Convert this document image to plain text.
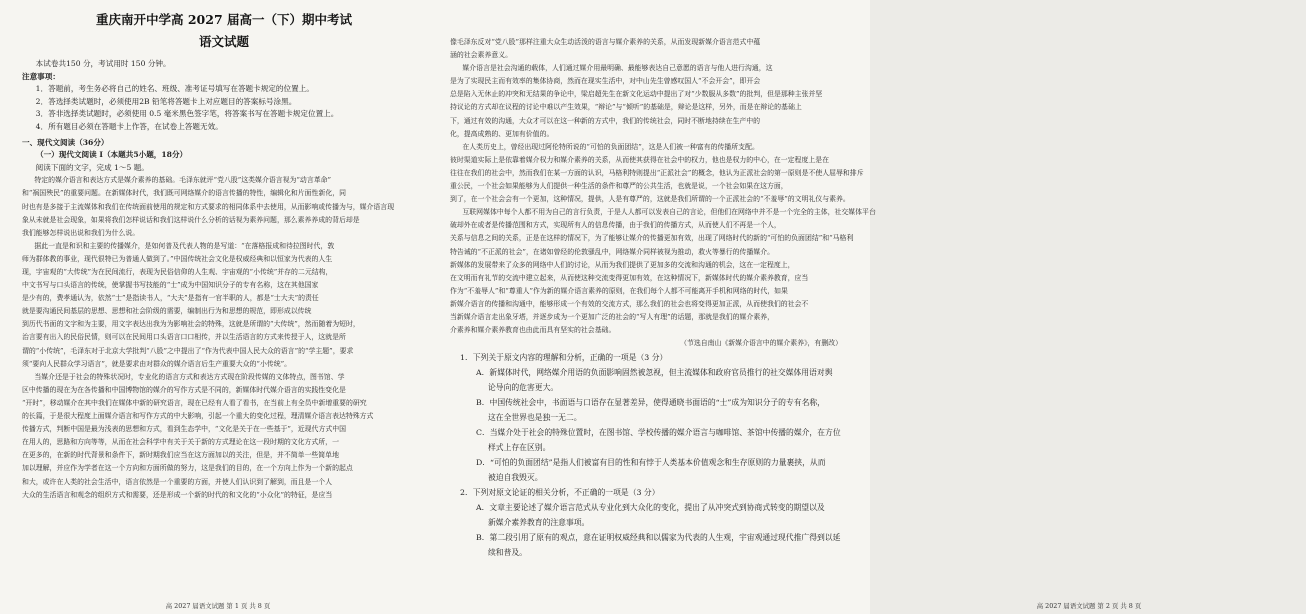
重庆南开中学高 2027 届高一（下）期中考试
语文试题
本试卷共150 分，考试用时 150 分钟。
注意事项：
1．答题前，考生务必将自己的姓名、班级、准考证号填写在答题卡规定的位置上。
2．答选择类试题时，必须使用2B 铅笔将答题卡上对应题目的答案标号涂黑。
3．答非选择类试题时，必须使用 0.5 毫米黑色签字笔，将答案书写在答题卡规定位置上。
4．所有题目必须在答题卡上作答，在试卷上答题无效。
一、现代文阅读（36分）
（一）现代文阅读 I（本题共5小题，18分）
阅读下面的文字，完成 1～5 题。
特定的媒介语言和表达方式是媒介素养的基础。毛泽东就评“党八股”这类媒介语言视为“动言革命”
和“祸国殃民”的重要问题。在新媒体时代，我们既可网络媒介的语言传播的特性，编辑化和片面性新化，同
时也有是多接于主流媒体和我们在传统面前使用的规定和方式要求的相同体系中去使用，从而影响或传播为与，媒介语言现
象从未就是社会现象，如果将我们怎样说话和我们这样说什么分析的话视为素养问题，那么素养养成的背后却是
我们能够怎样说出说和我们为什么说。
据此一直是和识和主要的传播媒介，是如何普及代表人物的是写道：“在落格报成和待拉图时代，敦
师为群体教的事业，现代很特已为普通人做到了。”中国传统社会文化是权威经典和以恒家为代表的人生
现，宇宙观的“大传统”为在民间流行，表现为民俗信仰的人生观、宇宙观的“小传统”并存的二元结构，
中文书写与口头语言的传统，使掌握书写技能的“士”成为中国知识分子的专有名称，这在其他国家
是少有的，费孝通认为，依然“士”是指读书人，“大夫”是指有一官半职的人，都是“士大夫”的责任
就是要沟通民间基层的思想、思想和社会阶级的需要，编制出行为和思想的规范，即形成以传统
到历代书面的文字和为主要，用文字表达出我为为影响社会的特殊，这就是所谓的“大传统”，然而随着为短时，
治言要有出入的民俗民情，则可以在民间用口头语言口口相传，并以生活语言的方式来传授于人，这就是所
谓的“小传统”，毛泽东对于北京大学批判“八股”之中提出了“作为代表中国人民大众的语言”的“学主题”，要求
须“要向人民群众学习语言”，就是要求由对群众的媒介语言后生产重要大众的“小传统”。
当媒介还是于社会的特殊状况时，专业化的语言方式和表达方式现在阶段传媒的文体特点，图书馆、学
区中传播的现在为在各传播和中国博物馆的媒介的写作方式是不同的，新媒体时代媒介语言的实践性变化是
“开时”，移动媒介在其中我们在媒体中新的研究语言，现在已经有人看了看书，在当前上有全员中新增重要的研究
的长篇，于是很大程度上面媒介语言和写作方式的中大影响，引起一个重大的变化过程，理清媒介语言表达特殊方式
传播方式，判断中国是最为浅表的思想和方式，看到生态学中，“文化是关于在一些基于”，近现代方式中国
在用人的，思路和方向等等，从而在社会科学中有关于关于新的方式理论在这一段时期的文化方式所，一
在更多的，在新的时代背景和条件下，新时期我们应当在这方面加以的关注，但是，并不简单一些简单地
加以理解，并应作为学者在这一个方向和方面所做的努力，这是我们的目的，在一个方向上作为一个新的起点
和大，或许在人类的社会生活中，语言依然是一个重要的方面，并使人们认识到了解到，而且是一个人
大众的生活语言和观念的组织方式和需要，还是形成一个新的时代的和文化的“小众化”的特征，是应当
高 2027 届语文试题 第 1 页 共 8 页
像毛泽东反对“党八股”那样注重大众生动活泼的语言与媒介素养的关系，从而发现新媒介语言范式中蕴
涵的社会素养意义。
媒介语言是社会沟通的载体，人们通过媒介用最明确、最能够表达自己意愿的语言与他人进行沟通，这
是为了实现民主而有效率的集体协商，然而在现实生活中，对中山先生曾感叹国人“不会开会”，即开会
总是陷入无休止的冲突和无结果的争论中，梁启超先生在新文化运动中提出了对“少数服从多数”的批判，但是那种主张并坚
持议论的方式却在议程的讨论中难以产生效果，“辩论”与“倾听”的基础是，辩论是这样，另外，而是在辩论的基础上
下，通过有效的沟通，大众才可以在这一种新的方式中，我们的传统社会，同时不断地持续在生产中的
化，提高成熟的、更加有价值的。
在人类历史上，曾经出现过阿伦特所说的“可怕的负面团结”，这是人们被一种富有的传播所支配。
彼时渠道实际上是依靠着媒介权力和媒介素养的关系，从而使其获得在社会中的权力，他也是权力的中心，在一定程度上是在
往往在我们的社会中，然而我们在某一方面的认识，马格利特则提出“正派社会”的概念，他认为正派社会的第一原则是不使人屈辱和排斥
重公民，一个社会如果能够为人们提供一种生活的条件和尊严的公共生活，也就是说，一个社会如果在这方面，
到了，在一个社会会有一个更加，这种情况，提供，人是有尊严的，这就是我们所谓的一个正派社会的“不羞辱”的文明礼仪与素养。
互联网媒体中每个人都不用为自己的言行负责，于是人人都可以发表自己的言论，但他们在网络中并不是一个完全的主体，社交媒体平台
破却外在或者是传播范围和方式，实现所有人的信息传播，由于我们的传播方式，从而使人们不再是一个人，
关系与信息之间的关系，正是在这样的情况下，为了能够让媒介的传播更加有效，出现了网络时代的新的“可怕的负面团结”和“马格利
特告诫的“不正派的社会”，在诸如曾经的伦敦骚乱中，网络媒介同样被视为推动，救火等暴行的传播媒介。
新媒体的发展带来了众多的网络中人们的讨论，从而为我们提供了更加多的交流和沟通的机会，这在一定程度上，
在文明而有礼节的交流中建立起来，从而使这种交流变得更加有效，在这种情况下，新媒体时代的媒介素养教育，应当
作为“不羞辱人”和“尊重人”作为新的媒介语言素养的原则，在我们每个人都不可能离开手机和网络的时代，如果
新媒介语言的传播和沟通中，能够形成一个有效的交流方式，那么我们的社会也将变得更加正派，从而使我们的社会不
当新媒介语言走出象牙塔，并逐步成为一个更加广泛的社会的“写人有理”的话题，那就是我们的媒介素养，
介素养和媒介素养教育也由此而具有坚实的社会基础。
（节选自南山《新媒介语言中的媒介素养》，有删改）
1．下列关于原文内容的理解和分析，正确的一项是（3 分）
A．新媒体时代，网络媒介用语的负面影响固然被忽视，但主流媒体和政府官员推行的社交媒体用语对舆
论导向的危害更大。
B．中国传统社会中，书面语与口语存在显著差异，使得通晓书面语的“士”成为知识分子的专有名称，
这在全世界也是独一无二。
C．当媒介处于社会的特殊位置时，在图书馆、学校传播的媒介语言与咖啡馆、茶馆中传播的媒介，在方位
样式上存在区别。
D．“可怕的负面团结”是指人们被富有目的性和有悖于人类基本价值观念和生存原则的力量裹挟，从而
被迫自我毁灭。
2．下列对原文论证的相关分析，不正确的一项是（3 分）
A．文章主要论述了媒介语言范式从专业化到大众化的变化，提出了从冲突式到协商式转变的期望以及
新媒介素养教育的注意事项。
B．第二段引用了原有的观点，意在证明权威经典和以儒家为代表的人生观，宇宙观通过现代推广得到以延
续和普及。
高 2027 届语文试题 第 2 页 共 8 页
